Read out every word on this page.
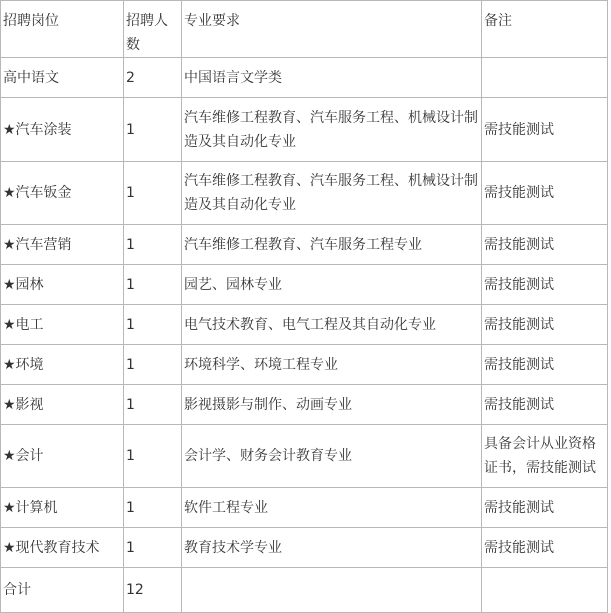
招聘岗位	招聘人数	专业要求	备注
高中语文	2	中国语言文学类	
★汽车涂装	1	汽车维修工程教育、汽车服务工程、机械设计制造及其自动化专业	需技能测试
★汽车钣金	1	汽车维修工程教育、汽车服务工程、机械设计制造及其自动化专业	需技能测试
★汽车营销	1	汽车维修工程教育、汽车服务工程专业	需技能测试
★园林	1	园艺、园林专业	需技能测试
★电工	1	电气技术教育、电气工程及其自动化专业	需技能测试
★环境	1	环境科学、环境工程专业	需技能测试
★影视	1	影视摄影与制作、动画专业	需技能测试
★会计	1	会计学、财务会计教育专业	具备会计从业资格证书，需技能测试
★计算机	1	软件工程专业	需技能测试
★现代教育技术	1	教育技术学专业	需技能测试
合计	12		
